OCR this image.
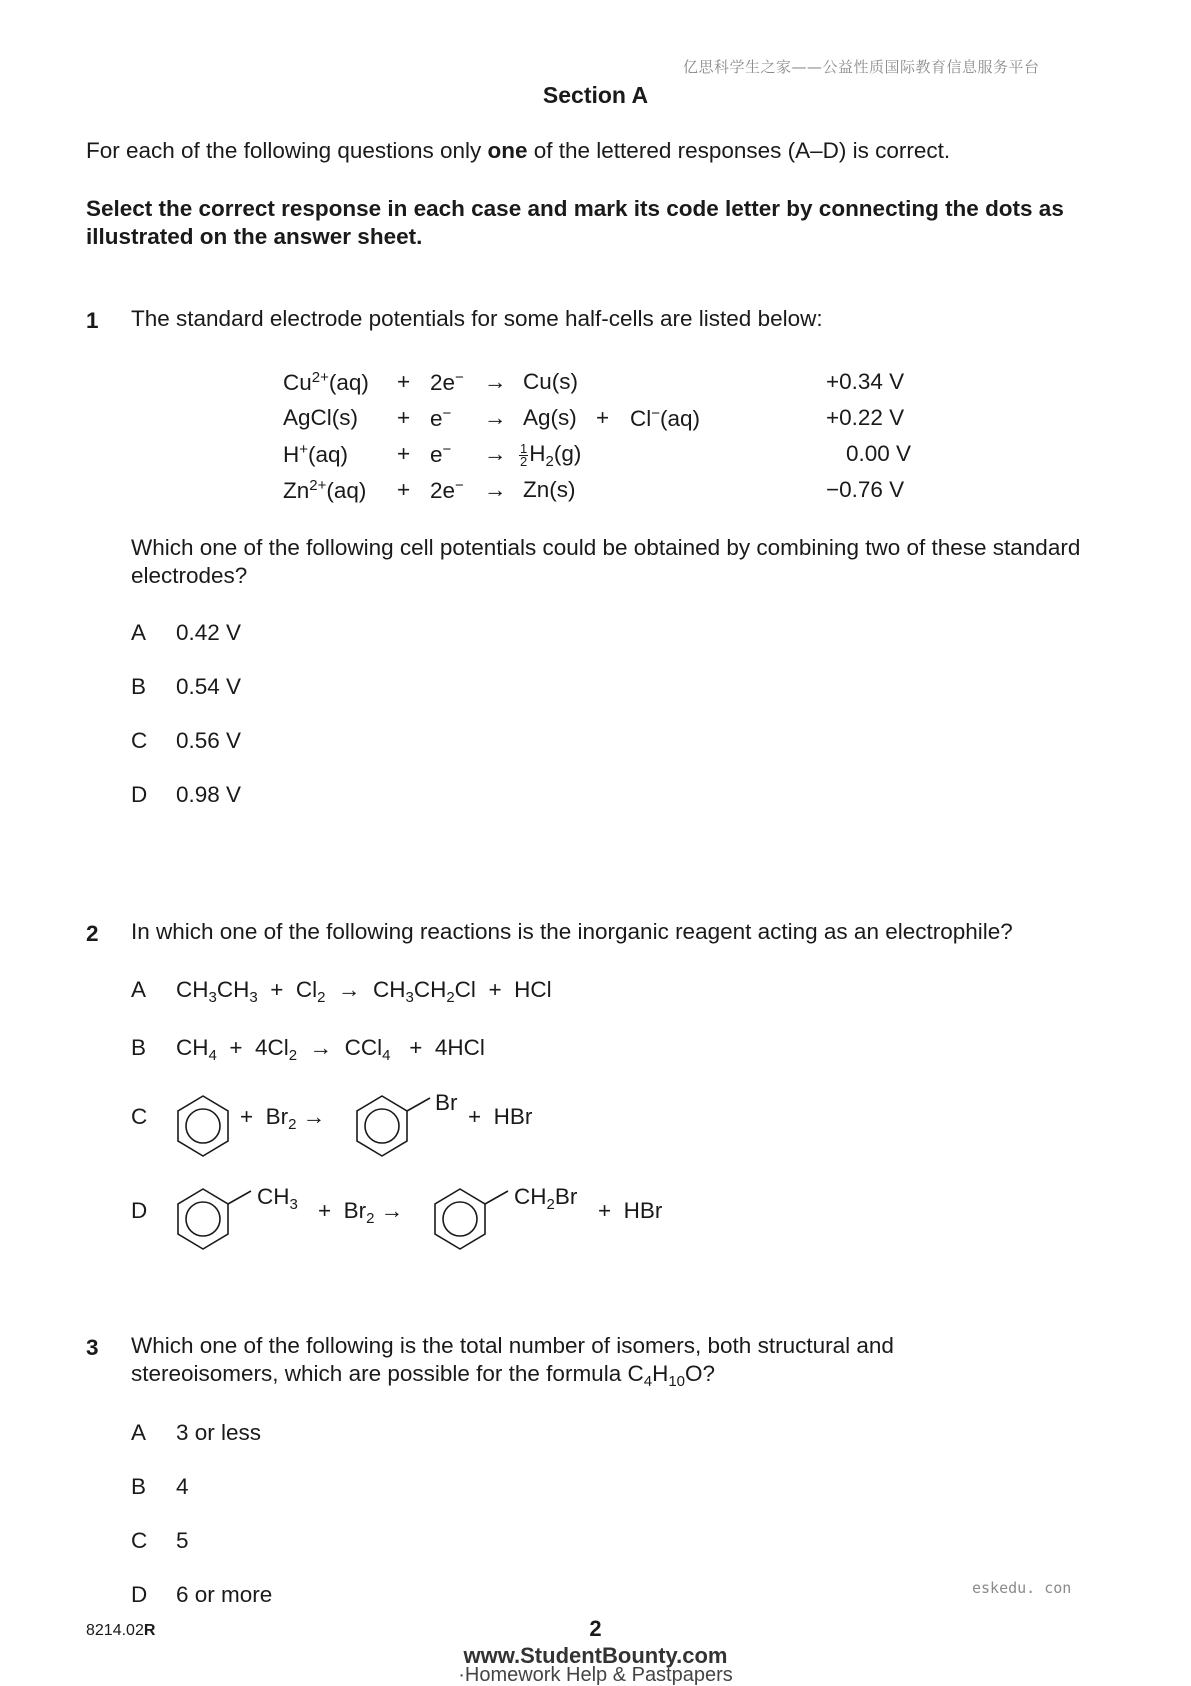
亿思科学生之家——公益性质国际教育信息服务平台
Section A
For each of the following questions only one of the lettered responses (A–D) is correct.
Select the correct response in each case and mark its code letter by connecting the dots as illustrated on the answer sheet.
1 The standard electrode potentials for some half-cells are listed below:
$Cu^{2+}(aq) + 2e^- \to Cu(s)$	+0.34 V
AgCl(s) + e− → Ag(s) + Cl−(aq)	+0.22 V
$H^+(aq) + e^- \to \frac{1}{2} H_2(g)$	0.00 V
$Zn^{2+}(aq) + 2e^- \to Zn(s)$	−0.76 V
Which one of the following cell potentials could be obtained by combining two of these standard electrodes?
A 0.42 V
B 0.54 V
C 0.56 V
D 0.98 V
2 In which one of the following reactions is the inorganic reagent acting as an electrophile?
A $CH_3CH_3 + Cl_2 \to CH_3CH_2Cl$ + HCl
B $CH_4 + 4Cl_2 \to CCl_4 + 4HCl$
C	+ $Br_2$ →
Br
+ HBr
D
$CH_3 + Br_2$ →
$CH_2Br$
+ HBr
3 Which one of the following is the total number of isomers, both structural and
stereoisomers, which are possible for the formula $C_4H_{10}O$?
A 3 or less
B 4
C 5
D 6 or more	eskedu. con
8214.02R	2
www.StudentBounty.com
·Homework Help & Pastpapers
